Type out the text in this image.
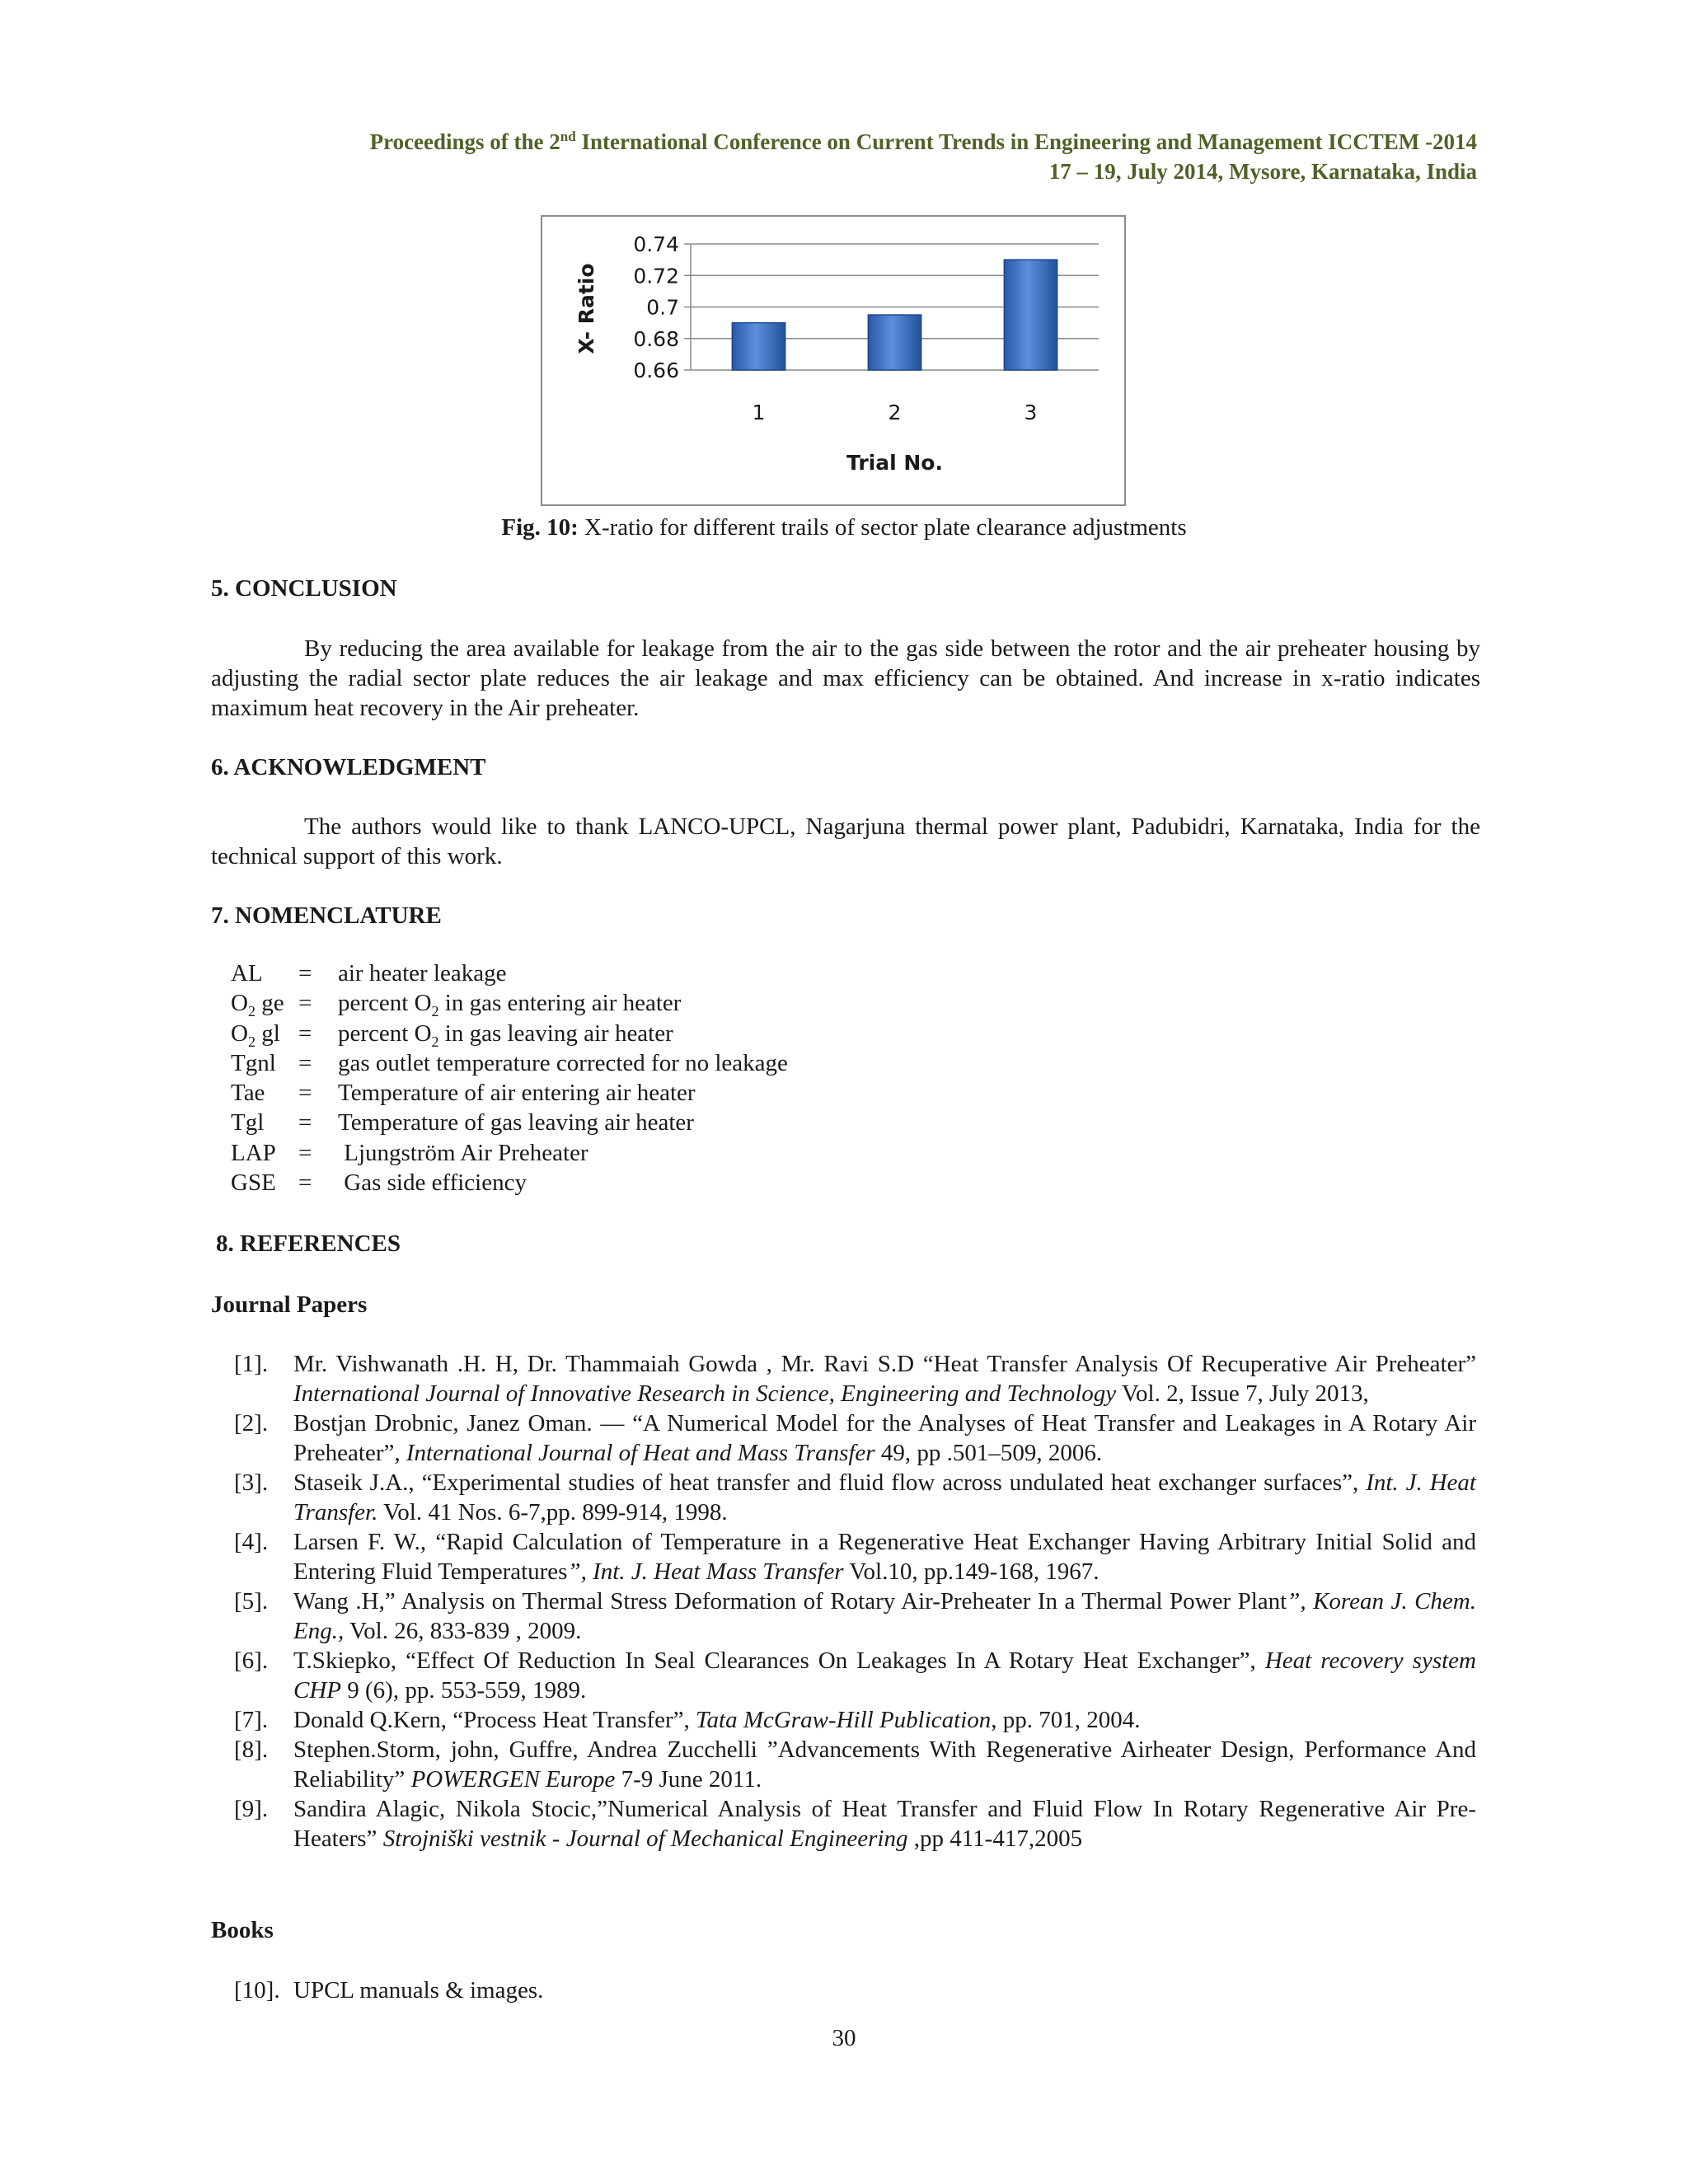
Proceedings of the 2nd International Conference on Current Trends in Engineering and Management ICCTEM -2014
17 – 19, July 2014, Mysore, Karnataka, India
0.74
0.72
0.7
0.68
0.66
1	2	3
Trial No.
X- Ratio
Fig. 10: X-ratio for different trails of sector plate clearance adjustments
5. CONCLUSION
By reducing the area available for leakage from the air to the gas side between the rotor and the air preheater housing by adjusting the radial sector plate reduces the air leakage and max efficiency can be obtained. And increase in x-ratio indicates maximum heat recovery in the Air preheater.
6. ACKNOWLEDGMENT
The authors would like to thank LANCO-UPCL, Nagarjuna thermal power plant, Padubidri, Karnataka, India for the technical support of this work.
7. NOMENCLATURE
AL	=	air heater leakage
$O_2$ ge	=	percent $O_2$ in gas entering air heater
$O_2$ gl	=	percent $O_2$ in gas leaving air heater
Tgnl	=	gas outlet temperature corrected for no leakage
Tae	=	Temperature of air entering air heater
Tgl	=	Temperature of gas leaving air heater
LAP	=	Ljungström Air Preheater
GSE	=	Gas side efficiency
8. REFERENCES
Journal Papers
[1].	Mr. Vishwanath .H. H, Dr. Thammaiah Gowda , Mr. Ravi S.D “Heat Transfer Analysis Of Recuperative Air Preheater” International Journal of Innovative Research in Science, Engineering and Technology Vol. 2, Issue 7, July 2013,
[2].	Bostjan Drobnic, Janez Oman. ― “A Numerical Model for the Analyses of Heat Transfer and Leakages in A Rotary Air Preheater”, International Journal of Heat and Mass Transfer 49, pp .501–509, 2006.
[3].	Staseik J.A., “Experimental studies of heat transfer and fluid flow across undulated heat exchanger surfaces”, Int. J. Heat Transfer. Vol. 41 Nos. 6-7,pp. 899-914, 1998.
[4].	Larsen F. W., “Rapid Calculation of Temperature in a Regenerative Heat Exchanger Having Arbitrary Initial Solid and Entering Fluid Temperatures”, Int. J. Heat Mass Transfer Vol.10, pp.149-168, 1967.
[5].	Wang .H,” Analysis on Thermal Stress Deformation of Rotary Air-Preheater In a Thermal Power Plant”, Korean J. Chem. Eng., Vol. 26, 833-839 , 2009.
[6].	T.Skiepko, “Effect Of Reduction In Seal Clearances On Leakages In A Rotary Heat Exchanger”, Heat recovery system CHP 9 (6), pp. 553-559, 1989.
[7].	Donald Q.Kern, “Process Heat Transfer”, Tata McGraw-Hill Publication, pp. 701, 2004.
[8].	Stephen.Storm, john, Guffre, Andrea Zucchelli ”Advancements With Regenerative Airheater Design, Performance And Reliability” POWERGEN Europe 7-9 June 2011.
[9].	Sandira Alagic, Nikola Stocic,”Numerical Analysis of Heat Transfer and Fluid Flow In Rotary Regenerative Air Pre-Heaters” Strojniški vestnik - Journal of Mechanical Engineering ,pp 411-417,2005
Books
[10]. UPCL manuals & images.
30
